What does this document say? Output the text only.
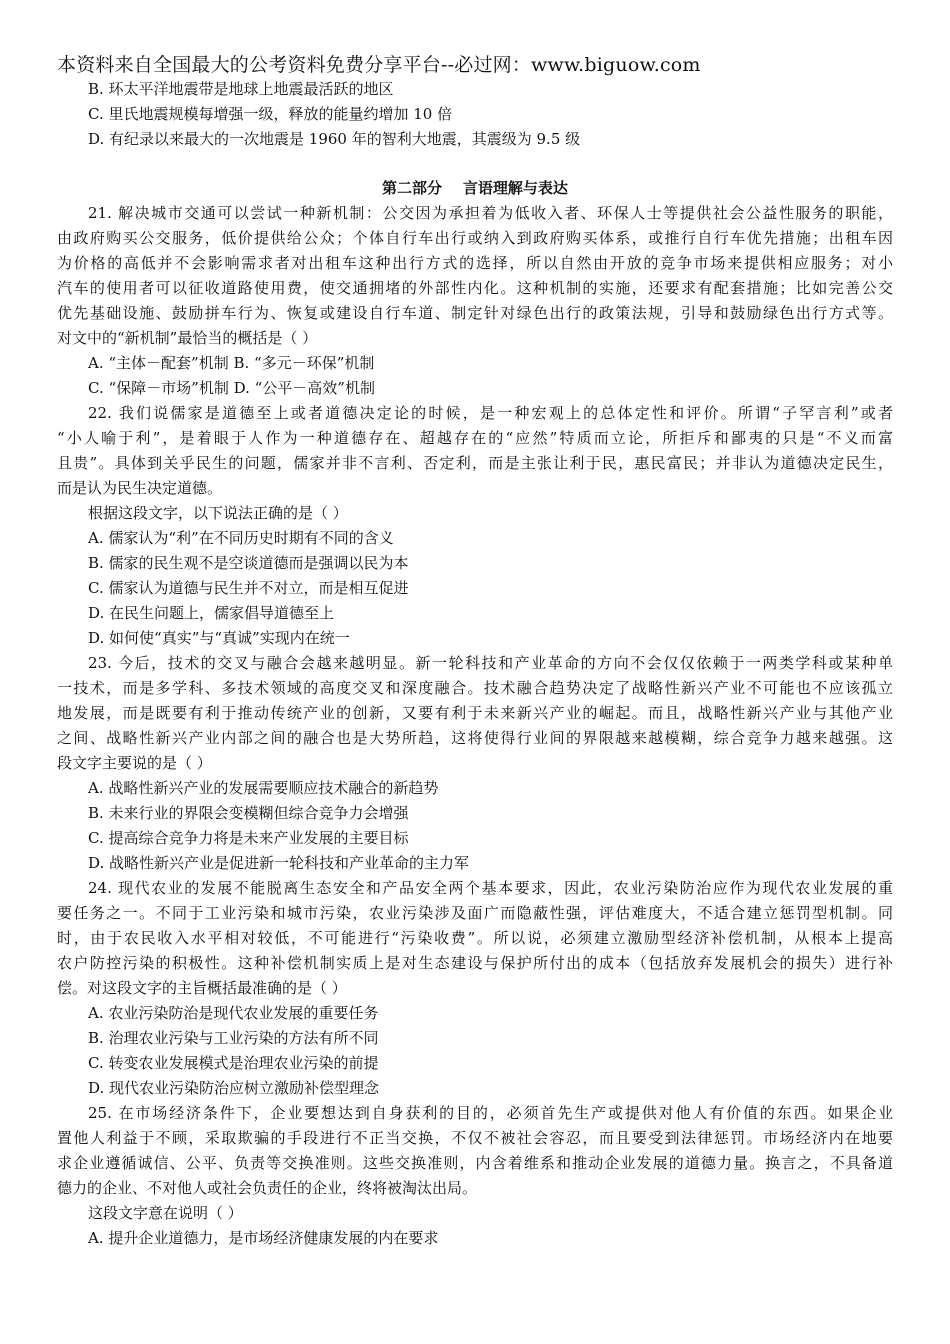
本资料来自全国最大的公考资料免费分享平台--必过网：www.biguow.com
B. 环太平洋地震带是地球上地震最活跃的地区
C. 里氏地震规模每增强一级，释放的能量约增加 10 倍
D. 有纪录以来最大的一次地震是 1960 年的智利大地震，其震级为 9.5 级
第二部分    言语理解与表达
21. 解决城市交通可以尝试一种新机制：公交因为承担着为低收入者、环保人士等提供社会公益性服务的职能，
由政府购买公交服务，低价提供给公众；个体自行车出行或纳入到政府购买体系，或推行自行车优先措施；出租车因
为价格的高低并不会影响需求者对出租车这种出行方式的选择，所以自然由开放的竞争市场来提供相应服务；对小
汽车的使用者可以征收道路使用费，使交通拥堵的外部性内化。这种机制的实施，还要求有配套措施；比如完善公交
优先基础设施、鼓励拼车行为、恢复或建设自行车道、制定针对绿色出行的政策法规，引导和鼓励绿色出行方式等。
对文中的“新机制”最恰当的概括是（ ）
A. “主体－配套”机制 B. “多元－环保”机制
C. “保障－市场”机制 D. “公平－高效”机制
22. 我们说儒家是道德至上或者道德决定论的时候，是一种宏观上的总体定性和评价。所谓“子罕言利”或者
“小人喻于利”，是着眼于人作为一种道德存在、超越存在的“应然”特质而立论，所拒斥和鄙夷的只是“不义而富
且贵”。具体到关乎民生的问题，儒家并非不言利、否定利，而是主张让利于民，惠民富民；并非认为道德决定民生，
而是认为民生决定道德。
根据这段文字，以下说法正确的是（ ）
A. 儒家认为“利”在不同历史时期有不同的含义
B. 儒家的民生观不是空谈道德而是强调以民为本
C. 儒家认为道德与民生并不对立，而是相互促进
D. 在民生问题上，儒家倡导道德至上
D. 如何使“真实”与“真诚”实现内在统一
23. 今后，技术的交叉与融合会越来越明显。新一轮科技和产业革命的方向不会仅仅依赖于一两类学科或某种单
一技术，而是多学科、多技术领域的高度交叉和深度融合。技术融合趋势决定了战略性新兴产业不可能也不应该孤立
地发展，而是既要有利于推动传统产业的创新，又要有利于未来新兴产业的崛起。而且，战略性新兴产业与其他产业
之间、战略性新兴产业内部之间的融合也是大势所趋，这将使得行业间的界限越来越模糊，综合竞争力越来越强。这
段文字主要说的是（ ）
A. 战略性新兴产业的发展需要顺应技术融合的新趋势
B. 未来行业的界限会变模糊但综合竞争力会增强
C. 提高综合竞争力将是未来产业发展的主要目标
D. 战略性新兴产业是促进新一轮科技和产业革命的主力军
24. 现代农业的发展不能脱离生态安全和产品安全两个基本要求，因此，农业污染防治应作为现代农业发展的重
要任务之一。不同于工业污染和城市污染，农业污染涉及面广而隐蔽性强，评估难度大，不适合建立惩罚型机制。同
时，由于农民收入水平相对较低，不可能进行“污染收费”。所以说，必须建立激励型经济补偿机制，从根本上提高
农户防控污染的积极性。这种补偿机制实质上是对生态建设与保护所付出的成本（包括放弃发展机会的损失）进行补
偿。对这段文字的主旨概括最准确的是（ ）
A. 农业污染防治是现代农业发展的重要任务
B. 治理农业污染与工业污染的方法有所不同
C. 转变农业发展模式是治理农业污染的前提
D. 现代农业污染防治应树立激励补偿型理念
25. 在市场经济条件下，企业要想达到自身获利的目的，必须首先生产或提供对他人有价值的东西。如果企业
置他人利益于不顾，采取欺骗的手段进行不正当交换，不仅不被社会容忍，而且要受到法律惩罚。市场经济内在地要
求企业遵循诚信、公平、负责等交换准则。这些交换准则，内含着维系和推动企业发展的道德力量。换言之，不具备道
德力的企业、不对他人或社会负责任的企业，终将被淘汰出局。
这段文字意在说明（ ）
A. 提升企业道德力，是市场经济健康发展的内在要求
